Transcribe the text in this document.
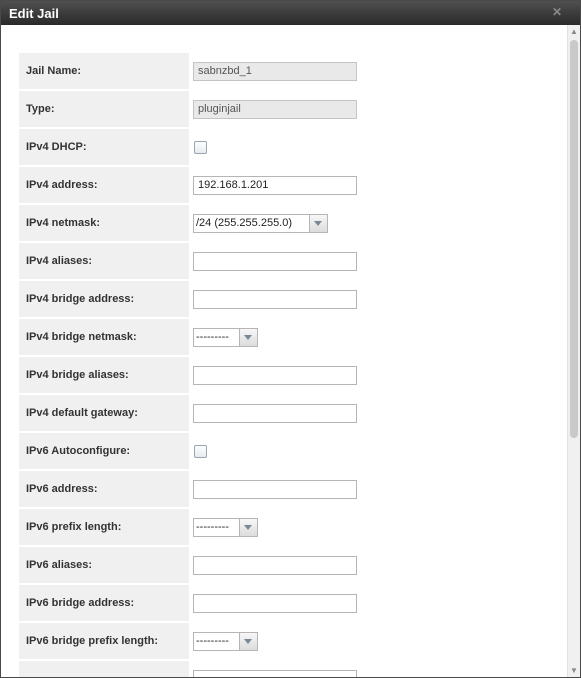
Edit Jail	✕
Jail Name:	sabnzbd_1
Type:	pluginjail
IPv4 DHCP:
IPv4 address:	192.168.1.201
IPv4 netmask:	/24 (255.255.255.0)
IPv4 aliases:
IPv4 bridge address:
IPv4 bridge netmask:	---------
IPv4 bridge aliases:
IPv4 default gateway:
IPv6 Autoconfigure:
IPv6 address:
IPv6 prefix length:	---------
IPv6 aliases:
IPv6 bridge address:
IPv6 bridge prefix length:	---------
▲
▼
